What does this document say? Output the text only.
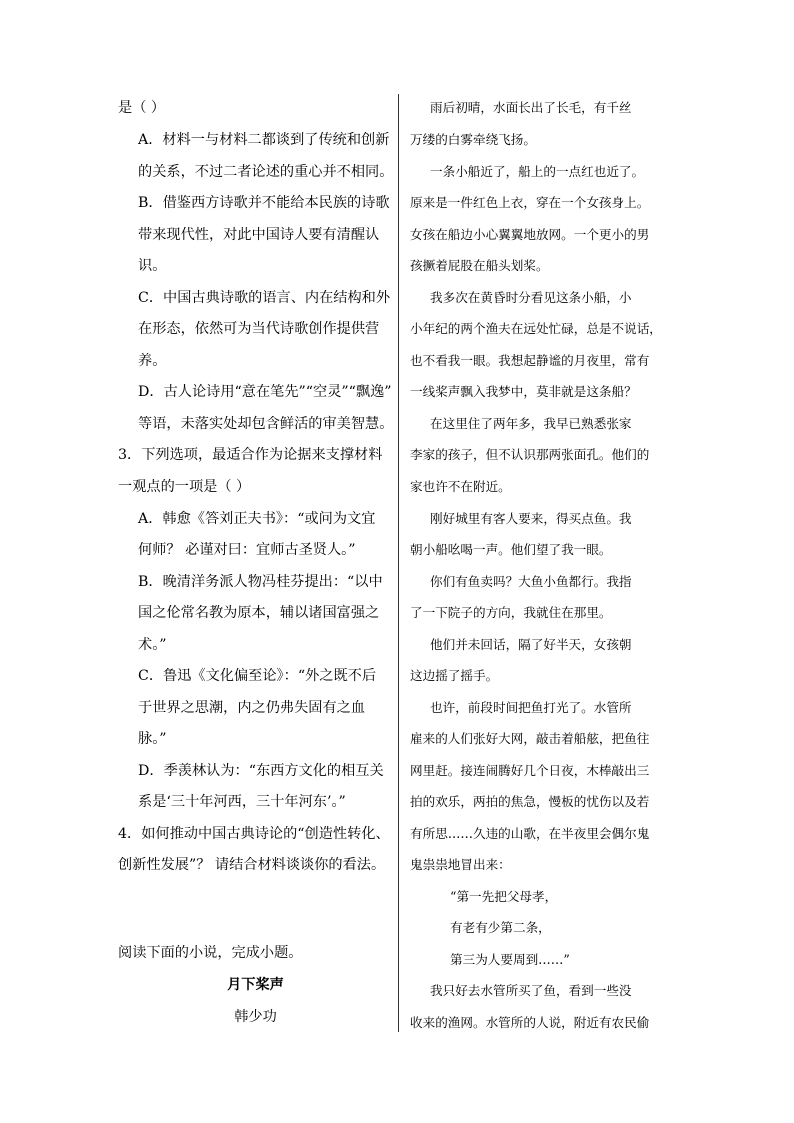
是（ ）
A．材料一与材料二都谈到了传统和创新
的关系，不过二者论述的重心并不相同。
B．借鉴西方诗歌并不能给本民族的诗歌
带来现代性，对此中国诗人要有清醒认
识。
C．中国古典诗歌的语言、内在结构和外
在形态，依然可为当代诗歌创作提供营
养。
D．古人论诗用“意在笔先”“空灵”“飘逸”
等语，未落实处却包含鲜活的审美智慧。
3．下列选项，最适合作为论据来支撑材料
一观点的一项是（ ）
A．韩愈《答刘正夫书》：“或问为文宜
何师？ 必谨对曰：宜师古圣贤人。”
B．晚清洋务派人物冯桂芬提出：“以中
国之伦常名教为原本，辅以诸国富强之
术。”
C．鲁迅《文化偏至论》：“外之既不后
于世界之思潮，内之仍弗失固有之血
脉。”
D．季羡林认为：“东西方文化的相互关
系是‘三十年河西，三十年河东’。”
4．如何推动中国古典诗论的“创造性转化、
创新性发展”？ 请结合材料谈谈你的看法。
阅读下面的小说，完成小题。
月下桨声
韩少功
雨后初晴，水面长出了长毛，有千丝
万缕的白雾牵绕飞扬。
一条小船近了，船上的一点红也近了。
原来是一件红色上衣，穿在一个女孩身上。
女孩在船边小心翼翼地放网。一个更小的男
孩撅着屁股在船头划桨。
我多次在黄昏时分看见这条小船，小
小年纪的两个渔夫在远处忙碌，总是不说话，
也不看我一眼。我想起静谧的月夜里，常有
一线桨声飘入我梦中，莫非就是这条船？
在这里住了两年多，我早已熟悉张家
李家的孩子，但不认识那两张面孔。他们的
家也许不在附近。
刚好城里有客人要来，得买点鱼。我
朝小船吆喝一声。他们望了我一眼。
你们有鱼卖吗？大鱼小鱼都行。我指
了一下院子的方向，我就住在那里。
他们并未回话，隔了好半天，女孩朝
这边摇了摇手。
也许，前段时间把鱼打光了。水管所
雇来的人们张好大网，敲击着船舷，把鱼往
网里赶。接连闹腾好几个日夜，木棒敲出三
拍的欢乐，两拍的焦急，慢板的忧伤以及若
有所思……久违的山歌，在半夜里会偶尔鬼
鬼祟祟地冒出来：
“第一先把父母孝，
有老有少第二条，
第三为人要周到……”
我只好去水管所买了鱼，看到一些没
收来的渔网。水管所的人说，附近有农民偷
